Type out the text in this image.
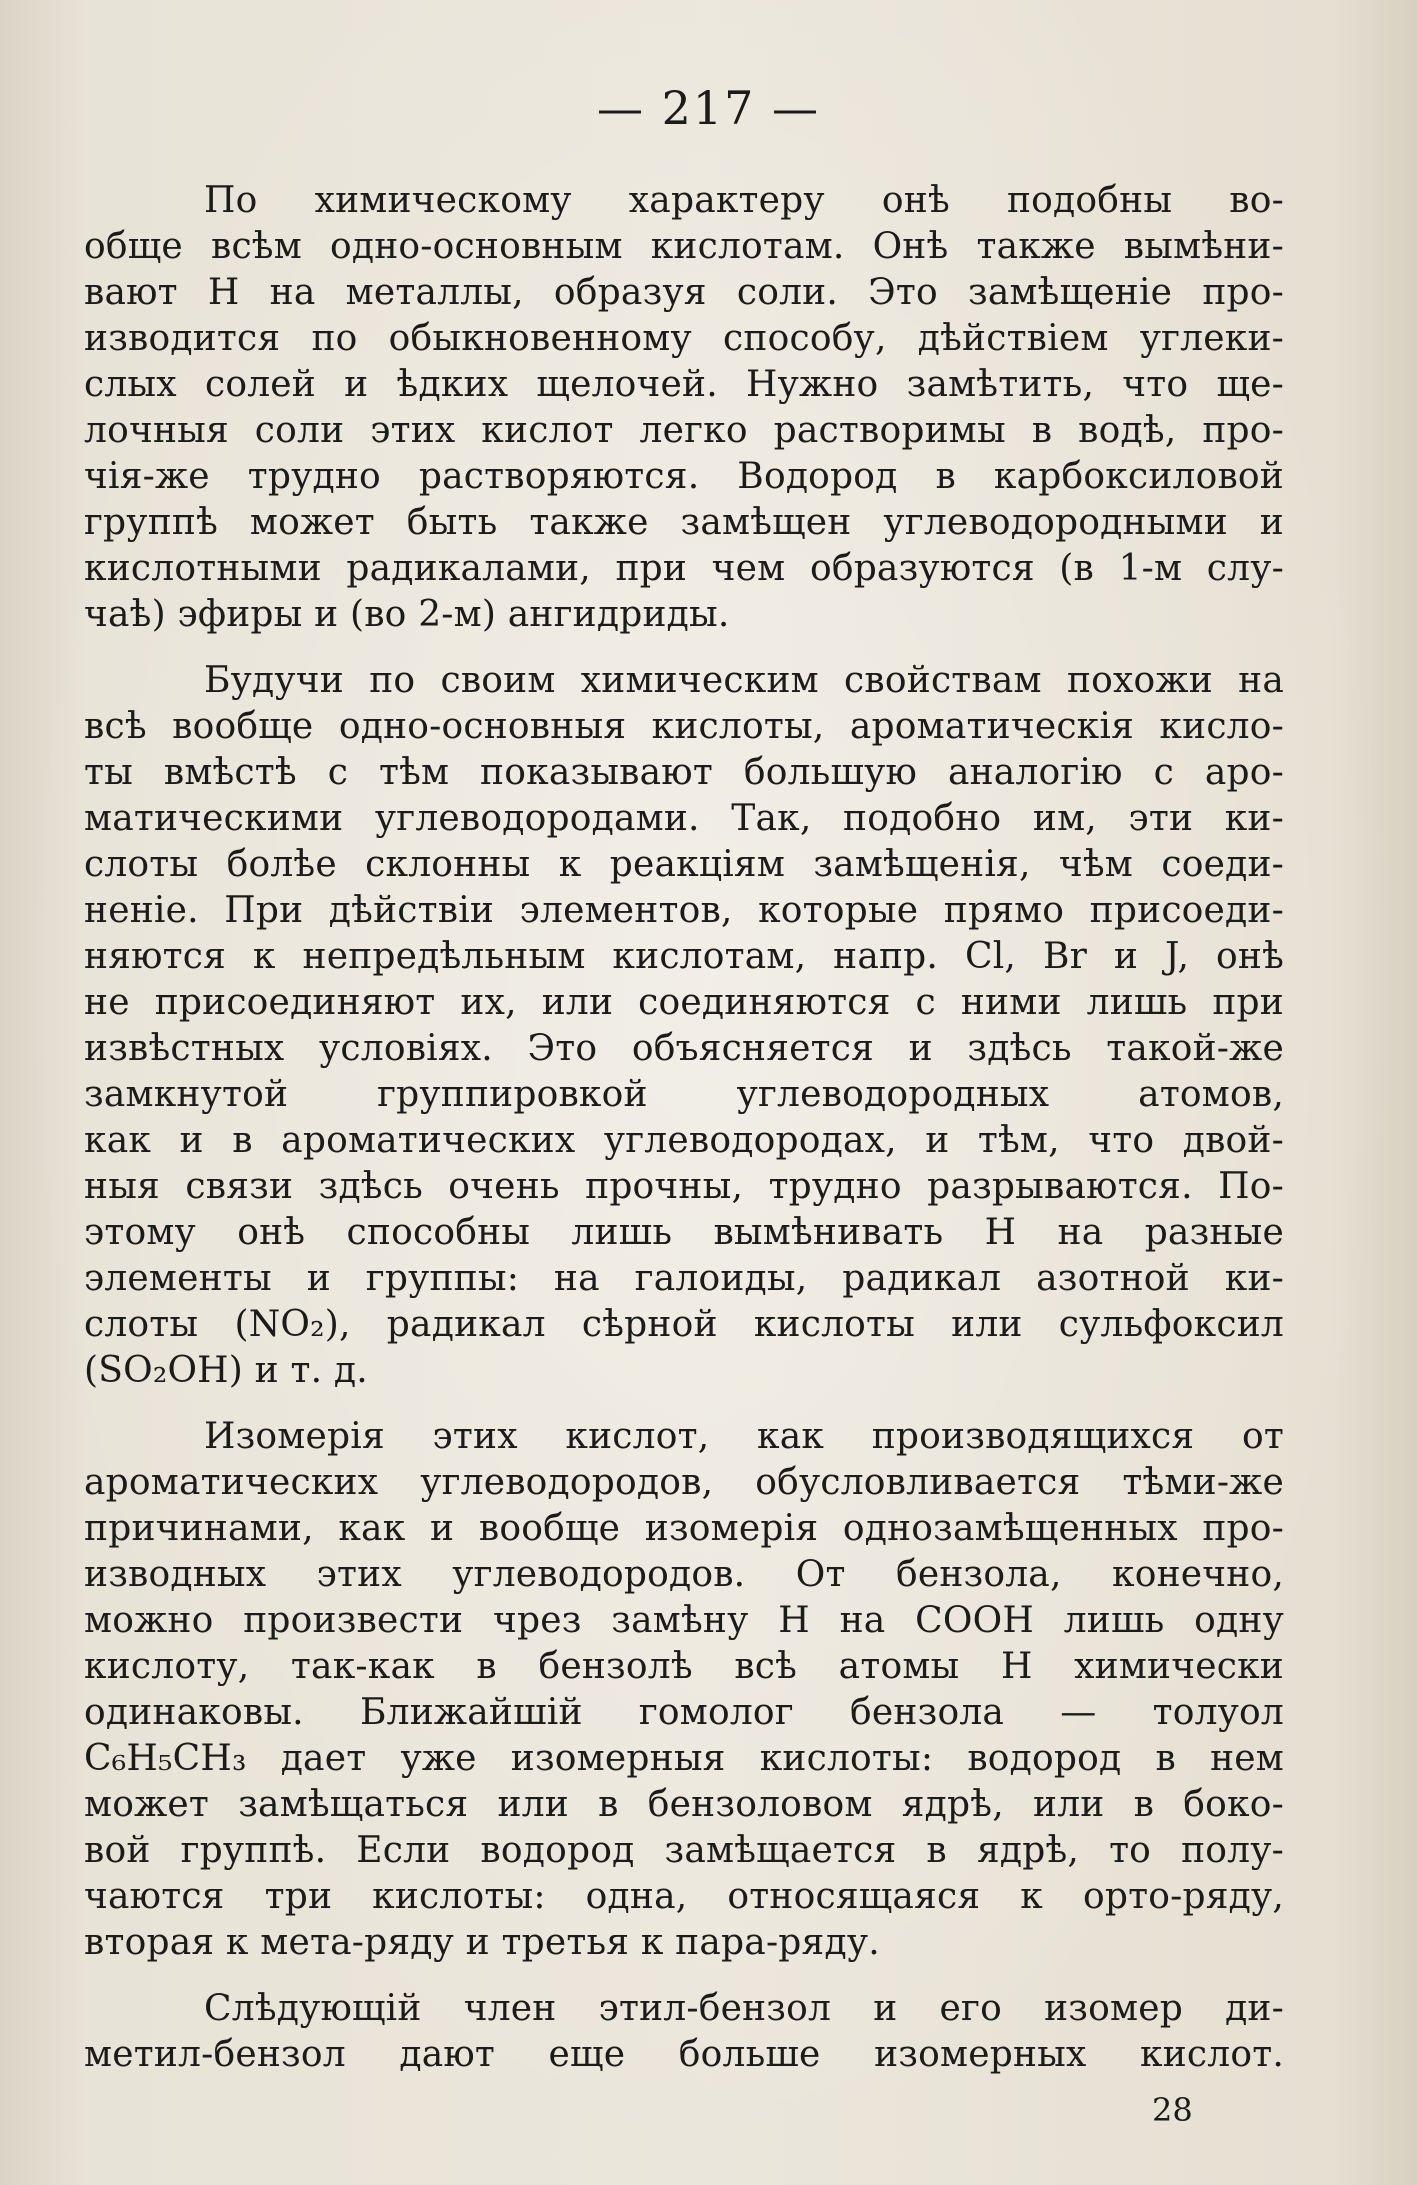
— 217 —
По химическому характеру онѣ подобны во-
обще всѣм одно-основным кислотам. Онѣ также вымѣни-
вают Н на металлы, образуя соли. Это замѣщеніе про-
изводится по обыкновенному способу, дѣйствіем углеки-
слых солей и ѣдких щелочей. Нужно замѣтить, что ще-
лочныя соли этих кислот легко растворимы в водѣ, про-
чія-же трудно растворяются. Водород в карбоксиловой
группѣ может быть также замѣщен углеводородными и
кислотными радикалами, при чем образуются (в 1-м слу-
чаѣ) эфиры и (во 2-м) ангидриды.
Будучи по своим химическим свойствам похожи на
всѣ вообще одно-основныя кислоты, ароматическія кисло-
ты вмѣстѣ с тѣм показывают большую аналогію с аро-
матическими углеводородами. Так, подобно им, эти ки-
слоты болѣе склонны к реакціям замѣщенія, чѣм соеди-
неніе. При дѣйствіи элементов, которые прямо присоеди-
няются к непредѣльным кислотам, напр. Cl, Br и J, онѣ
не присоединяют их, или соединяются с ними лишь при
извѣстных условіях. Это объясняется и здѣсь такой-же
замкнутой группировкой углеводородных атомов,
как и в ароматических углеводородах, и тѣм, что двой-
ныя связи здѣсь очень прочны, трудно разрываются. По-
этому онѣ способны лишь вымѣнивать Н на разные
элементы и группы: на галоиды, радикал азотной ки-
слоты (NO₂), радикал сѣрной кислоты или сульфоксил
(SO₂OH) и т. д.
Изомерія этих кислот, как производящихся от
ароматических углеводородов, обусловливается тѣми-же
причинами, как и вообще изомерія однозамѣщенных про-
изводных этих углеводородов. От бензола, конечно,
можно произвести чрез замѣну Н на СООН лишь одну
кислоту, так-как в бензолѣ всѣ атомы Н химически
одинаковы. Ближайшій гомолог бензола — толуол
C₆H₅CH₃ дает уже изомерныя кислоты: водород в нем
может замѣщаться или в бензоловом ядрѣ, или в боко-
вой группѣ. Если водород замѣщается в ядрѣ, то полу-
чаются три кислоты: одна, относящаяся к орто-ряду,
вторая к мета-ряду и третья к пара-ряду.
Слѣдующій член этил-бензол и его изомер ди-
метил-бензол дают еще больше изомерных кислот.
28
